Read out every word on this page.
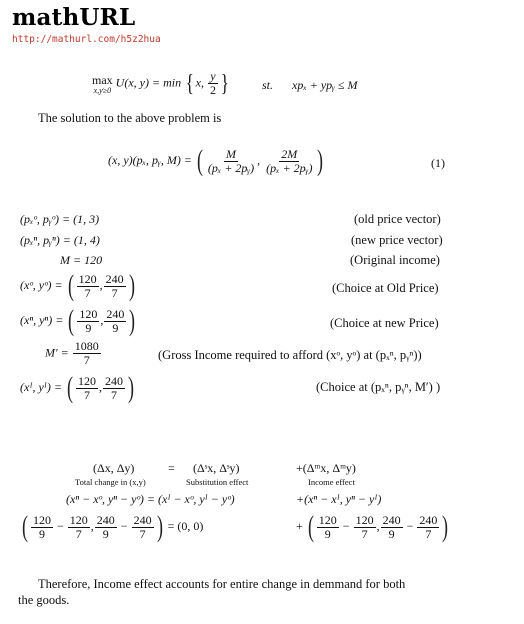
mathURL
http://mathurl.com/h5z2hua
max
x,y≥0
U(x, y) = min { x, $\frac{y}{2}$ }	st. xpₓ + ypᵧ ≤ M
The solution to the above problem is
(x, y)(pₓ, pᵧ, M) = ( $\frac{M}{\text{(pₓ + 2pᵧ)}}$ , $\frac{2M}{\text{(pₓ + 2pᵧ)}}$ )	(1)
(pₓᵒ, pᵧᵒ) = (1, 3)	(old price vector)
(pₓⁿ, pᵧⁿ) = (1, 4)	(new price vector)
M = 120	(Original income)
(xᵒ, yᵒ) = ( $\frac{120}{7}$ , $\frac{240}{7}$ )	(Choice at Old Price)
(xⁿ, yⁿ) = ( $\frac{120}{9}$ , $\frac{240}{9}$ )	(Choice at new Price)
$M' = \frac{1080}{7}$	(Gross Income required to afford (xᵒ, yᵒ) at (pₓⁿ, pᵧⁿ))
(xᴵ, yᴵ) = ( $\frac{120}{7}$ , $\frac{240}{7}$ )	(Choice at (pₓⁿ, pᵧⁿ, M′) )
(Δx, Δy)
Total change in (x,y)
= (Δˢx, Δˢy)
Substitution effect
+(Δᵐx, Δᵐy)
Income effect
(xⁿ − xᵒ, yⁿ − yᵒ) = (xᴵ − xᵒ, yᴵ − yᵒ)	+(xⁿ − xᴵ, yⁿ − yᴵ)
( $\frac{120}{9} - \frac{120}{7}$ , $\frac{240}{9} - \frac{240}{7}$ ) = (0, 0)	+ ( $\frac{120}{9} - \frac{120}{7}$ , $\frac{240}{9} - \frac{240}{7}$ )
Therefore, Income effect accounts for entire change in demmand for both
the goods.
